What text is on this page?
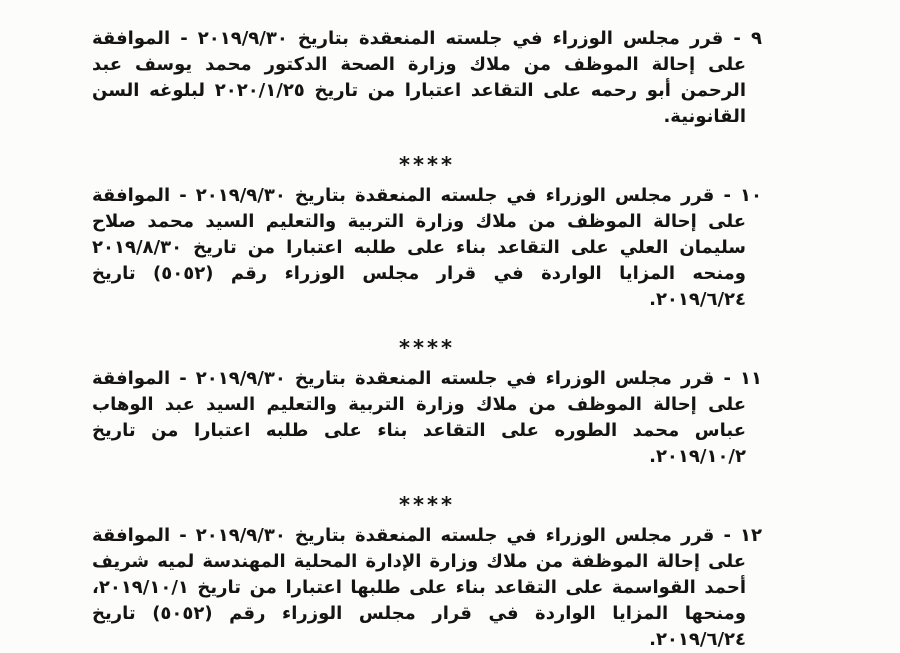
٩ - قرر مجلس الوزراء في جلسته المنعقدة بتاريخ ٢٠١٩/٩/٣٠ - الموافقة على إحالة الموظف من ملاك وزارة الصحة الدكتور محمد يوسف عبد الرحمن أبو رحمه على التقاعد اعتبارا من تاريخ ٢٠٢٠/١/٢٥ لبلوغه السن القانونية.

****

١٠ - قرر مجلس الوزراء في جلسته المنعقدة بتاريخ ٢٠١٩/٩/٣٠ - الموافقة على إحالة الموظف من ملاك وزارة التربية والتعليم السيد محمد صلاح سليمان العلي على التقاعد بناء على طلبه اعتبارا من تاريخ ٢٠١٩/٨/٣٠ ومنحه المزايا الواردة في قرار مجلس الوزراء رقم (٥٠٥٢) تاريخ ٢٠١٩/٦/٢٤.

****

١١ - قرر مجلس الوزراء في جلسته المنعقدة بتاريخ ٢٠١٩/٩/٣٠ - الموافقة على إحالة الموظف من ملاك وزارة التربية والتعليم السيد عبد الوهاب عباس محمد الطوره على التقاعد بناء على طلبه اعتبارا من تاريخ ٢٠١٩/١٠/٢.

****

١٢ - قرر مجلس الوزراء في جلسته المنعقدة بتاريخ ٢٠١٩/٩/٣٠ - الموافقة على إحالة الموظفة من ملاك وزارة الإدارة المحلية المهندسة لميه شريف أحمد القواسمة على التقاعد بناء على طلبها اعتبارا من تاريخ ٢٠١٩/١٠/١، ومنحها المزايا الواردة في قرار مجلس الوزراء رقم (٥٠٥٢) تاريخ ٢٠١٩/٦/٢٤.
